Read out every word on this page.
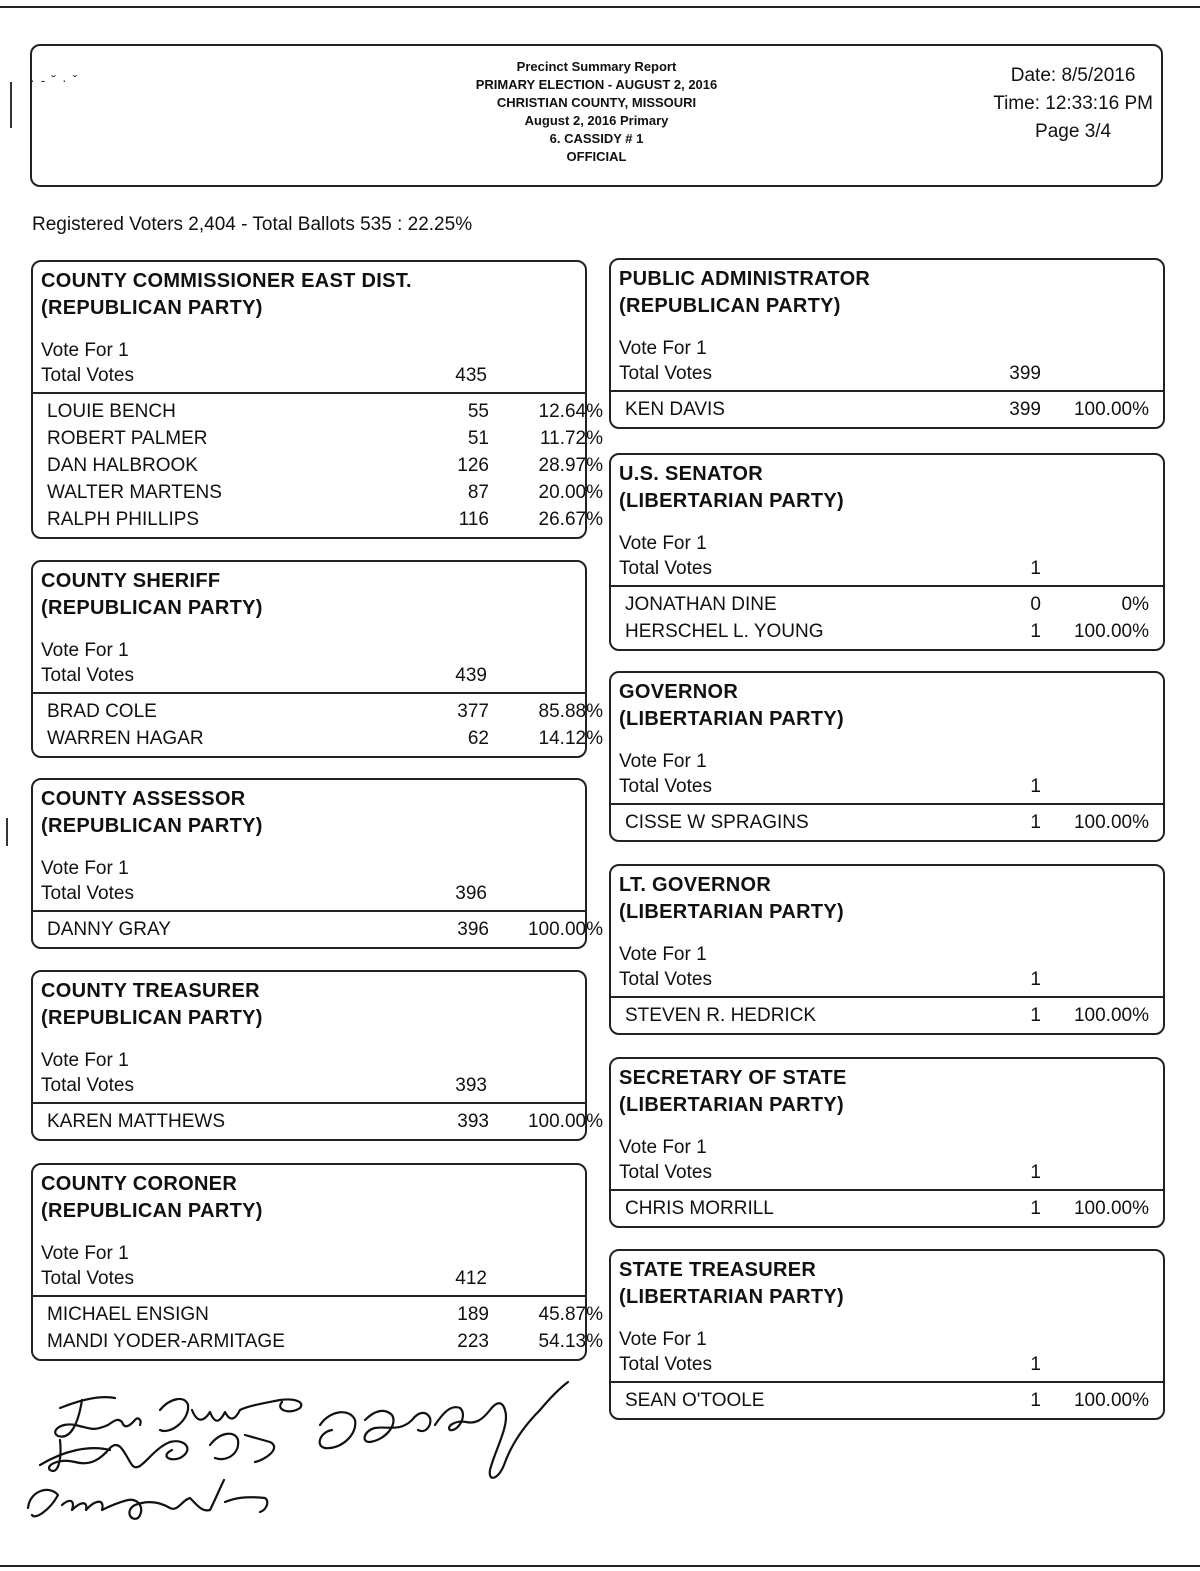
·-˘·ˇ
Precinct Summary Report
PRIMARY ELECTION - AUGUST 2, 2016
CHRISTIAN COUNTY, MISSOURI
August 2, 2016 Primary
6. CASSIDY # 1
OFFICIAL
Date: 8/5/2016
Time: 12:33:16 PM
Page 3/4
Registered Voters 2,404 - Total Ballots 535 : 22.25%
COUNTY COMMISSIONER EAST DIST.
(REPUBLICAN PARTY)
Vote For 1
Total Votes	435
LOUIE BENCH	55	12.64%
ROBERT PALMER	51	11.72%
DAN HALBROOK	126	28.97%
WALTER MARTENS	87	20.00%
RALPH PHILLIPS	116	26.67%
COUNTY SHERIFF
(REPUBLICAN PARTY)
Vote For 1
Total Votes	439
BRAD COLE	377	85.88%
WARREN HAGAR	62	14.12%
COUNTY ASSESSOR
(REPUBLICAN PARTY)
Vote For 1
Total Votes	396
DANNY GRAY	396	100.00%
COUNTY TREASURER
(REPUBLICAN PARTY)
Vote For 1
Total Votes	393
KAREN MATTHEWS	393	100.00%
COUNTY CORONER
(REPUBLICAN PARTY)
Vote For 1
Total Votes	412
MICHAEL ENSIGN	189	45.87%
MANDI YODER-ARMITAGE	223	54.13%
PUBLIC ADMINISTRATOR
(REPUBLICAN PARTY)
Vote For 1
Total Votes	399
KEN DAVIS	399	100.00%
U.S. SENATOR
(LIBERTARIAN PARTY)
Vote For 1
Total Votes	1
JONATHAN DINE	0	0%
HERSCHEL L. YOUNG	1	100.00%
GOVERNOR
(LIBERTARIAN PARTY)
Vote For 1
Total Votes	1
CISSE W SPRAGINS	1	100.00%
LT. GOVERNOR
(LIBERTARIAN PARTY)
Vote For 1
Total Votes	1
STEVEN R. HEDRICK	1	100.00%
SECRETARY OF STATE
(LIBERTARIAN PARTY)
Vote For 1
Total Votes	1
CHRIS MORRILL	1	100.00%
STATE TREASURER
(LIBERTARIAN PARTY)
Vote For 1
Total Votes	1
SEAN O'TOOLE	1	100.00%
